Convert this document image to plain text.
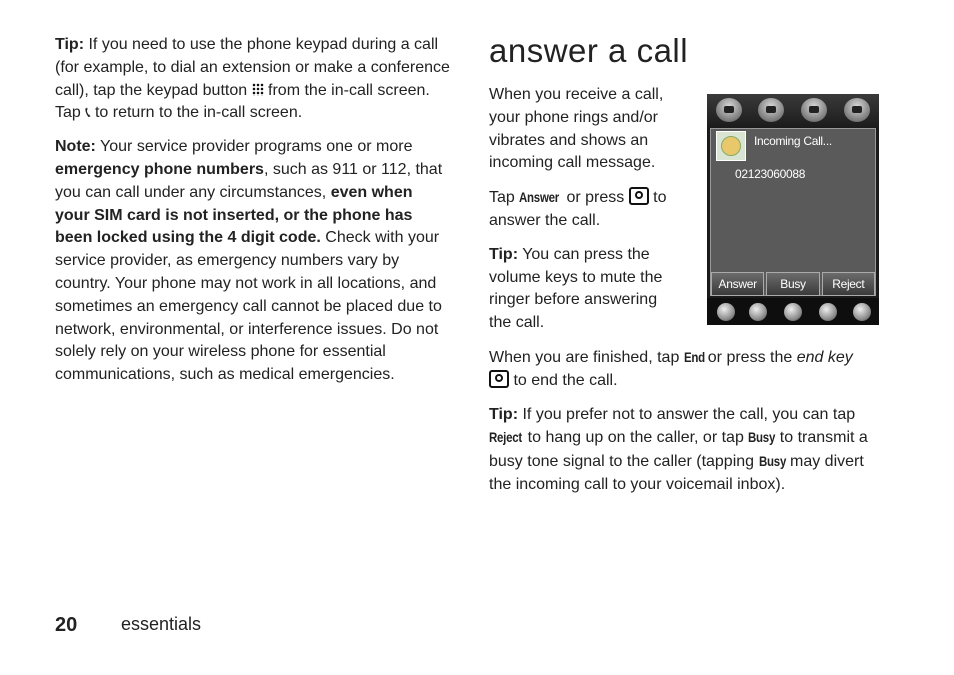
Tip: If you need to use the phone keypad during a call (for example, to dial an extension or make a conference call), tap the keypad button  from the in-call screen. Tap 📞︎ to return to the in-call screen.

Note: Your service provider programs one or more emergency phone numbers, such as 911 or 112, that you can call under any circumstances, even when your SIM card is not inserted, or the phone has been locked using the 4 digit code. Check with your service provider, as emergency numbers vary by country. Your phone may not work in all locations, and sometimes an emergency call cannot be placed due to network, environmental, or interference issues. Do not solely rely on your wireless phone for essential communications, such as medical emergencies.

answer a call

When you receive a call, your phone rings and/or vibrates and shows an incoming call message.

Tap Answer or press  to answer the call.

Tip: You can press the volume keys to mute the ringer before answering the call.

Incoming Call...
02123060088
Answer	Busy	Reject

When you are finished, tap End or press the end key
to end the call.

Tip: If you prefer not to answer the call, you can tap Reject to hang up on the caller, or tap Busy to transmit a busy tone signal to the caller (tapping Busy may divert the incoming call to your voicemail inbox).

20 essentials
